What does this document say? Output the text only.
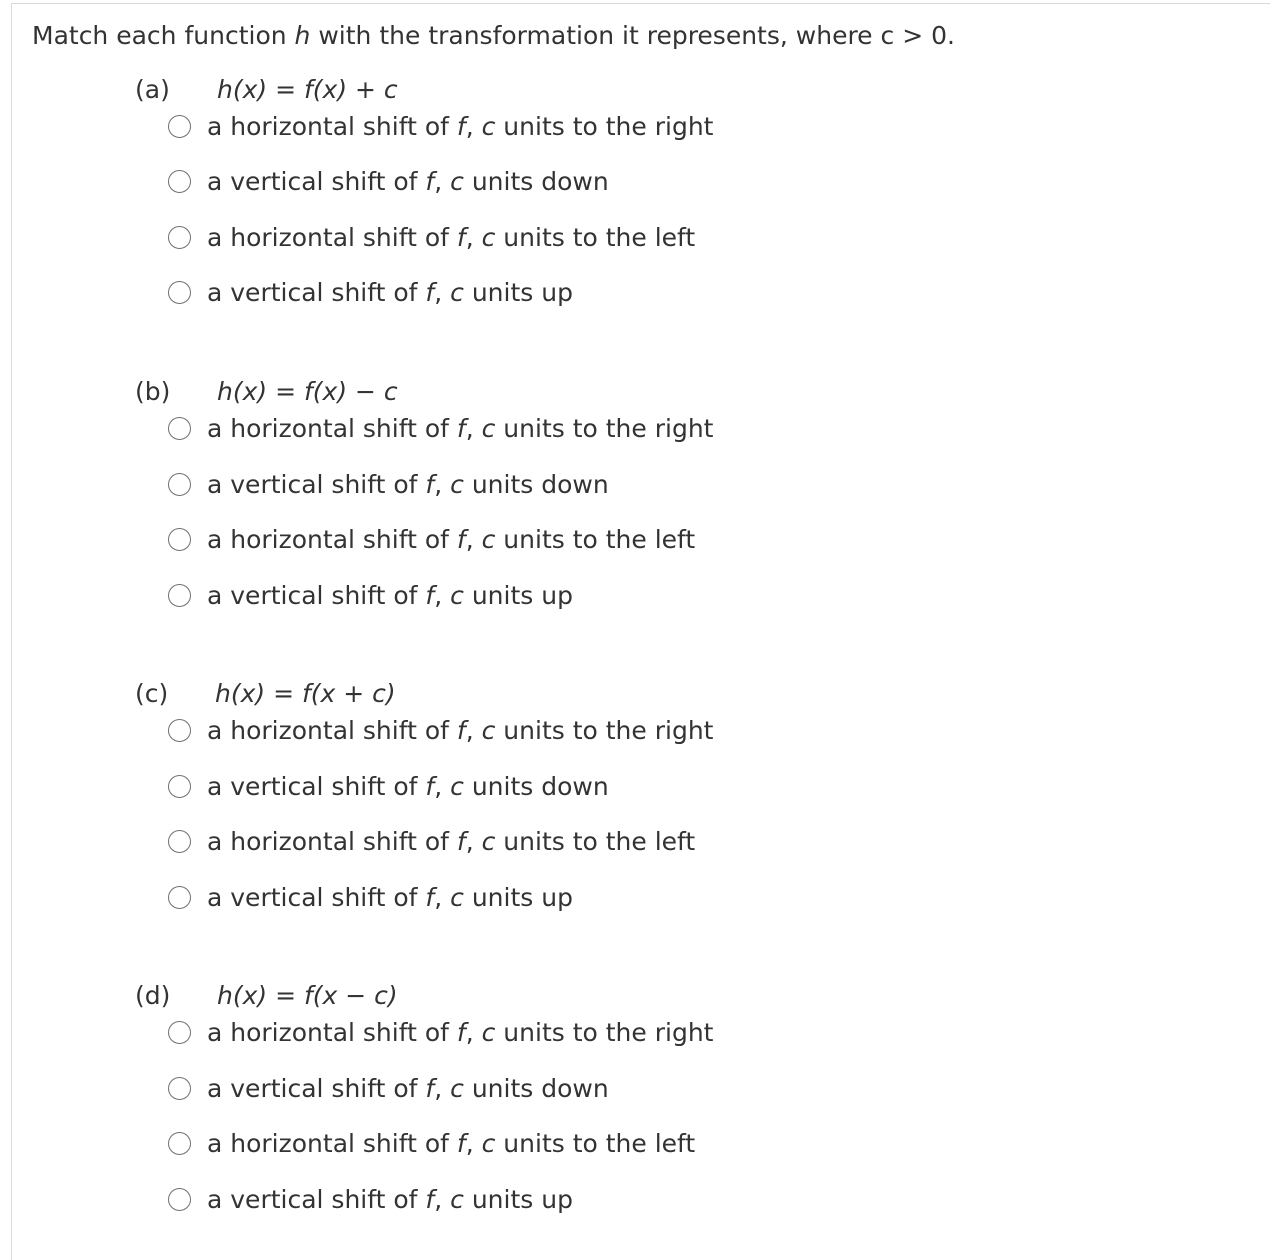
Match each function h with the transformation it represents, where c > 0.
(a) h(x) = f(x) + c
a horizontal shift of f, c units to the right
a vertical shift of f, c units down
a horizontal shift of f, c units to the left
a vertical shift of f, c units up
(b) h(x) = f(x) − c
a horizontal shift of f, c units to the right
a vertical shift of f, c units down
a horizontal shift of f, c units to the left
a vertical shift of f, c units up
(c) h(x) = f(x + c)
a horizontal shift of f, c units to the right
a vertical shift of f, c units down
a horizontal shift of f, c units to the left
a vertical shift of f, c units up
(d) h(x) = f(x − c)
a horizontal shift of f, c units to the right
a vertical shift of f, c units down
a horizontal shift of f, c units to the left
a vertical shift of f, c units up
